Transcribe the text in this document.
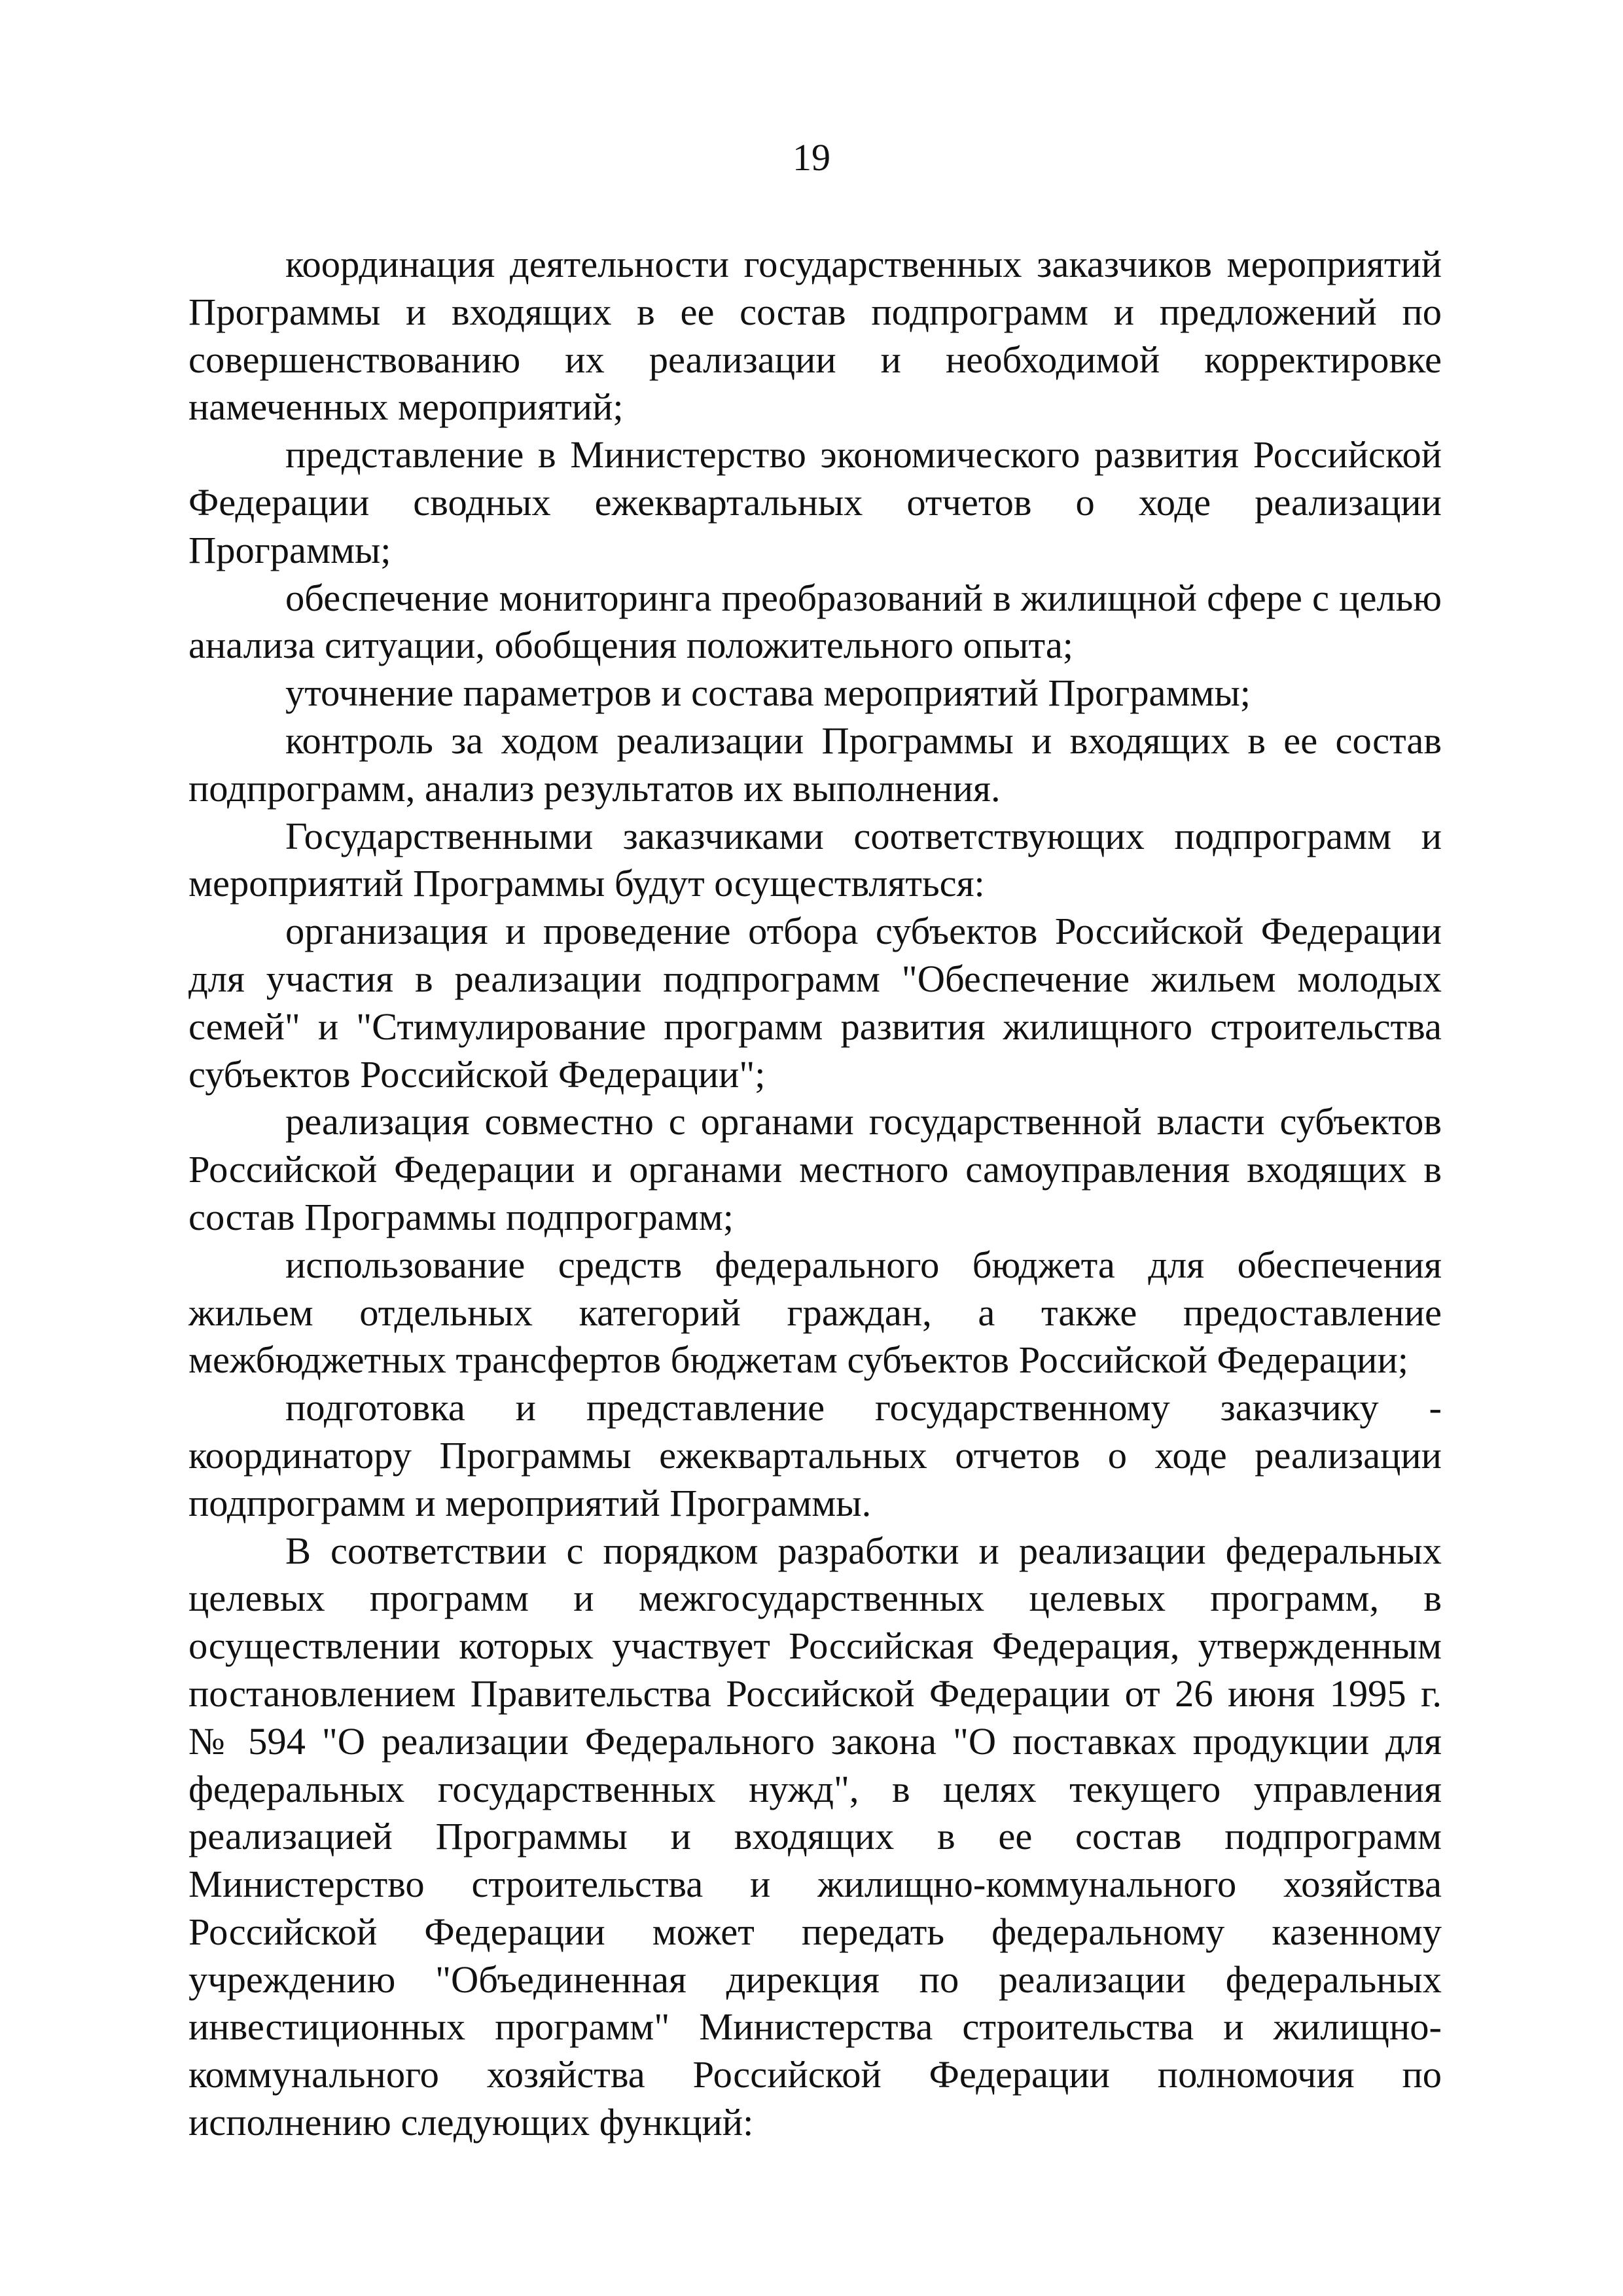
19

координация деятельности государственных заказчиков мероприятий Программы и входящих в ее состав подпрограмм и предложений по совершенствованию их реализации и необходимой корректировке намеченных мероприятий;

представление в Министерство экономического развития Российской Федерации сводных ежеквартальных отчетов о ходе реализации Программы;

обеспечение мониторинга преобразований в жилищной сфере с целью анализа ситуации, обобщения положительного опыта;

уточнение параметров и состава мероприятий Программы;

контроль за ходом реализации Программы и входящих в ее состав подпрограмм, анализ результатов их выполнения.

Государственными заказчиками соответствующих подпрограмм и мероприятий Программы будут осуществляться:

организация и проведение отбора субъектов Российской Федерации для участия в реализации подпрограмм "Обеспечение жильем молодых семей" и "Стимулирование программ развития жилищного строительства субъектов Российской Федерации";

реализация совместно с органами государственной власти субъектов Российской Федерации и органами местного самоуправления входящих в состав Программы подпрограмм;

использование средств федерального бюджета для обеспечения жильем отдельных категорий граждан, а также предоставление межбюджетных трансфертов бюджетам субъектов Российской Федерации;

подготовка и представление государственному заказчику - координатору Программы ежеквартальных отчетов о ходе реализации подпрограмм и мероприятий Программы.

В соответствии с порядком разработки и реализации федеральных целевых программ и межгосударственных целевых программ, в осуществлении которых участвует Российская Федерация, утвержденным постановлением Правительства Российской Федерации от 26 июня 1995 г. № 594 "О реализации Федерального закона "О поставках продукции для федеральных государственных нужд", в целях текущего управления реализацией Программы и входящих в ее состав подпрограмм Министерство строительства и жилищно-коммунального хозяйства Российской Федерации может передать федеральному казенному учреждению "Объединенная дирекция по реализации федеральных инвестиционных программ" Министерства строительства и жилищно-коммунального хозяйства Российской Федерации полномочия по исполнению следующих функций:
